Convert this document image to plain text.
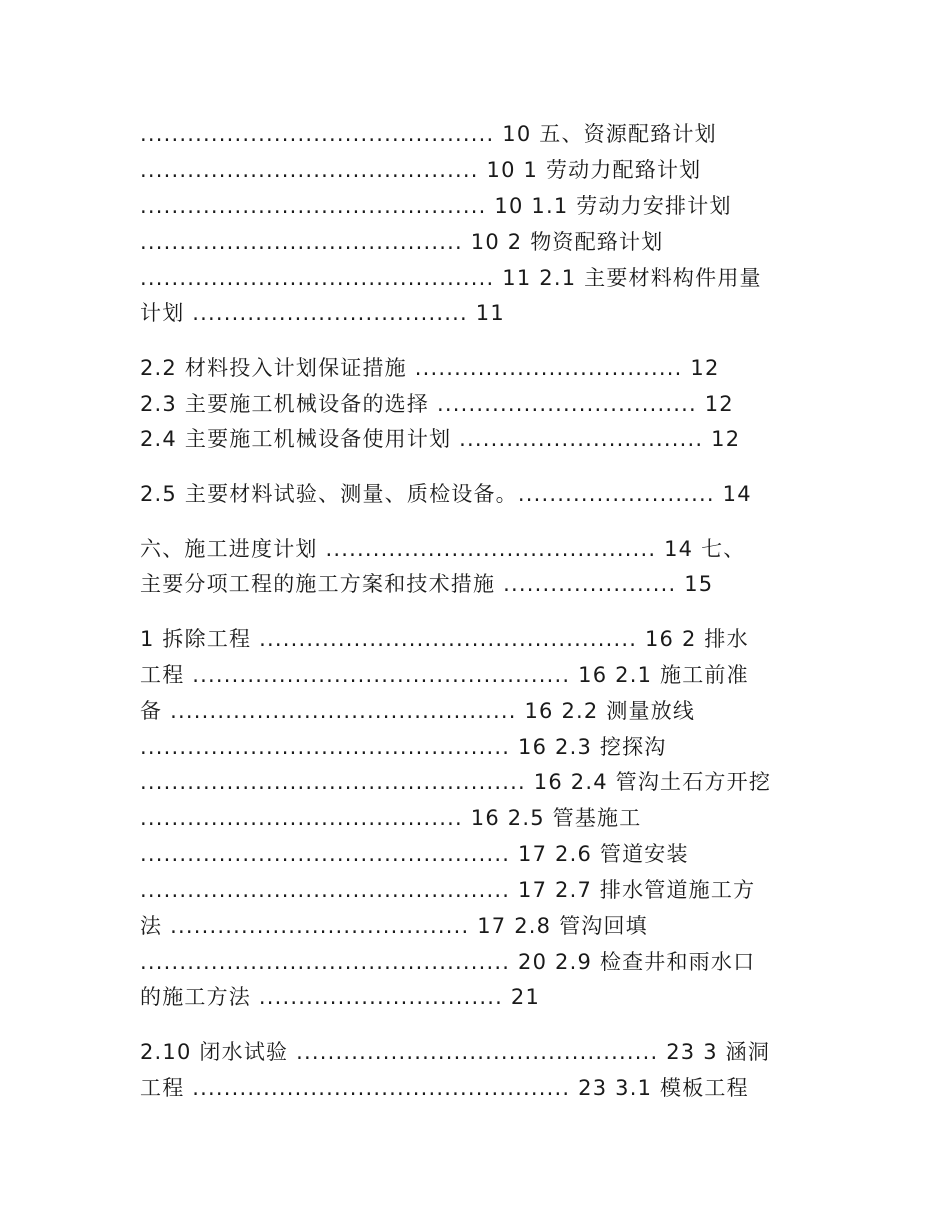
............................................. 10 五、资源配臵计划
........................................... 10 1 劳动力配臵计划
............................................ 10 1.1 劳动力安排计划
......................................... 10 2 物资配臵计划
............................................. 11 2.1 主要材料构件用量
计划 ................................... 11
2.2 材料投入计划保证措施 .................................. 12
2.3 主要施工机械设备的选择 ................................. 12
2.4 主要施工机械设备使用计划 ............................... 12
2.5 主要材料试验、测量、质检设备。......................... 14
六、施工进度计划 .......................................... 14 七、
主要分项工程的施工方案和技术措施 ...................... 15
1 拆除工程 ................................................ 16 2 排水
工程 ................................................ 16 2.1 施工前准
备 ............................................ 16 2.2 测量放线
............................................... 16 2.3 挖探沟
................................................. 16 2.4 管沟土石方开挖
......................................... 16 2.5 管基施工
............................................... 17 2.6 管道安装
............................................... 17 2.7 排水管道施工方
法 ...................................... 17 2.8 管沟回填
............................................... 20 2.9 检查井和雨水口
的施工方法 ............................... 21
2.10 闭水试验 .............................................. 23 3 涵洞
工程 ................................................ 23 3.1 模板工程
